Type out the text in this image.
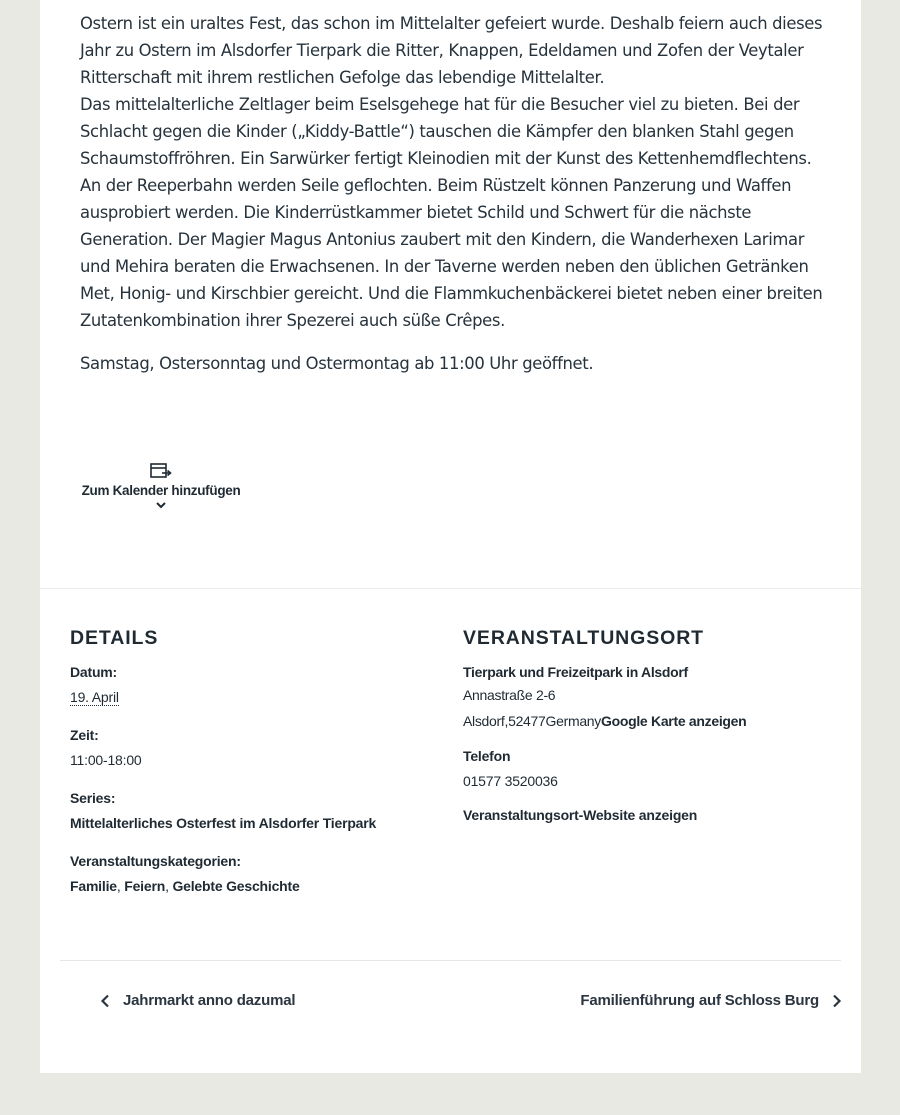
Ostern ist ein uraltes Fest, das schon im Mittelalter gefeiert wurde. Deshalb feiern auch dieses Jahr zu Ostern im Alsdorfer Tierpark die Ritter, Knappen, Edeldamen und Zofen der Veytaler Ritterschaft mit ihrem restlichen Gefolge das lebendige Mittelalter.

Das mittelalterliche Zeltlager beim Eselsgehege hat für die Besucher viel zu bieten. Bei der Schlacht gegen die Kinder („Kiddy-Battle“) tauschen die Kämpfer den blanken Stahl gegen Schaumstoffröhren. Ein Sarwürker fertigt Kleinodien mit der Kunst des Kettenhemdflechtens. An der Reeperbahn werden Seile geflochten. Beim Rüstzelt können Panzerung und Waffen ausprobiert werden. Die Kinderrüstkammer bietet Schild und Schwert für die nächste Generation. Der Magier Magus Antonius zaubert mit den Kindern, die Wanderhexen Larimar und Mehira beraten die Erwachsenen. In der Taverne werden neben den üblichen Getränken Met, Honig- und Kirschbier gereicht. Und die Flammkuchenbäckerei bietet neben einer breiten Zutatenkombination ihrer Spezerei auch süße Crêpes.

Samstag, Ostersonntag und Ostermontag ab 11:00 Uhr geöffnet.

Zum Kalender hinzufügen
DETAILS
Datum:
19. April
Zeit:
11:00-18:00
Series:
Mittelalterliches Osterfest im Alsdorfer Tierpark
Veranstaltungskategorien:
Familie, Feiern, Gelebte Geschichte
VERANSTALTUNGSORT
Tierpark und Freizeitpark in Alsdorf
Annastraße 2-6
Alsdorf,52477GermanyGoogle Karte anzeigen
Telefon
01577 3520036
Veranstaltungsort-Website anzeigen
Jahrmarkt anno dazumal	Familienführung auf Schloss Burg
